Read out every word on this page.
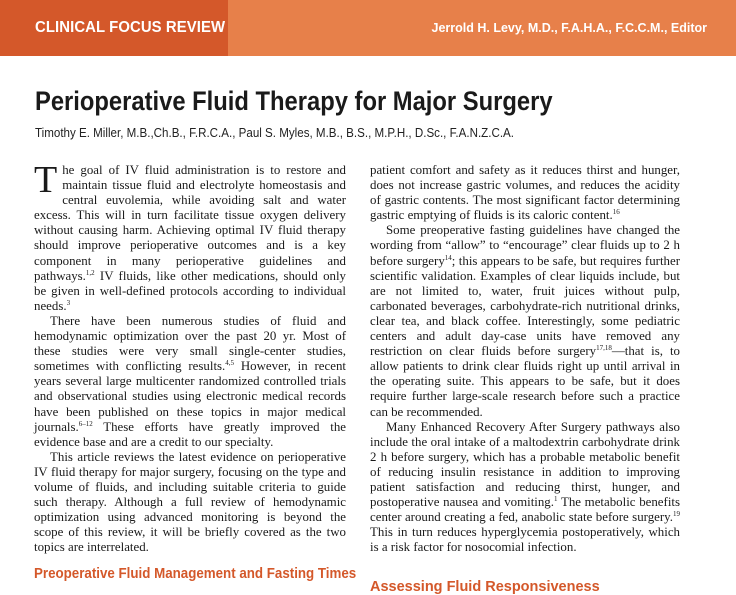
CLINICAL FOCUS REVIEW	Jerrold H. Levy, M.D., F.A.H.A., F.C.C.M., Editor
Perioperative Fluid Therapy for Major Surgery

Timothy E. Miller, M.B.,Ch.B., F.R.C.A., Paul S. Myles, M.B., B.S., M.P.H., D.Sc., F.A.N.Z.C.A.

The goal of IV fluid administration is to restore and maintain tissue fluid and electrolyte homeostasis and central euvolemia, while avoiding salt and water excess. This will in turn facilitate tissue oxygen delivery without causing harm. Achieving optimal IV fluid therapy should improve perioperative outcomes and is a key component in many perioperative guidelines and pathways.$^{1,2}$ IV fluids, like other medications, should only be given in well-defined protocols according to individual needs.$^3$

There have been numerous studies of fluid and hemodynamic optimization over the past 20 yr. Most of these studies were very small single-center studies, sometimes with conflicting results.$^{4,5}$ However, in recent years several large multicenter randomized controlled trials and observational studies using electronic medical records have been published on these topics in major medical journals.$^{6-12}$ These efforts have greatly improved the evidence base and are a credit to our specialty.

This article reviews the latest evidence on perioperative IV fluid therapy for major surgery, focusing on the type and volume of fluids, and including suitable criteria to guide such therapy. Although a full review of hemodynamic optimization using advanced monitoring is beyond the scope of this review, it will be briefly covered as the two topics are interrelated.

Preoperative Fluid Management and Fasting Times

patient comfort and safety as it reduces thirst and hunger, does not increase gastric volumes, and reduces the acidity of gastric contents. The most significant factor determining gastric emptying of fluids is its caloric content.$^{16}$

Some preoperative fasting guidelines have changed the wording from “allow” to “encourage” clear fluids up to 2 h before surgery$^{14}$; this appears to be safe, but requires further scientific validation. Examples of clear liquids include, but are not limited to, water, fruit juices without pulp, carbonated beverages, carbohydrate-rich nutritional drinks, clear tea, and black coffee. Interestingly, some pediatric centers and adult day-case units have removed any restriction on clear fluids before surgery$^{17,18}$—that is, to allow patients to drink clear fluids right up until arrival in the operating suite. This appears to be safe, but it does require further large-scale research before such a practice can be recommended.

Many Enhanced Recovery After Surgery pathways also include the oral intake of a maltodextrin carbohydrate drink 2 h before surgery, which has a probable metabolic benefit of reducing insulin resistance in addition to improving patient satisfaction and reducing thirst, hunger, and postoperative nausea and vomiting.$^1$ The metabolic benefits center around creating a fed, anabolic state before surgery.$^{19}$ This in turn reduces hyperglycemia postoperatively, which is a risk factor for nosocomial infection.

Assessing Fluid Responsiveness
